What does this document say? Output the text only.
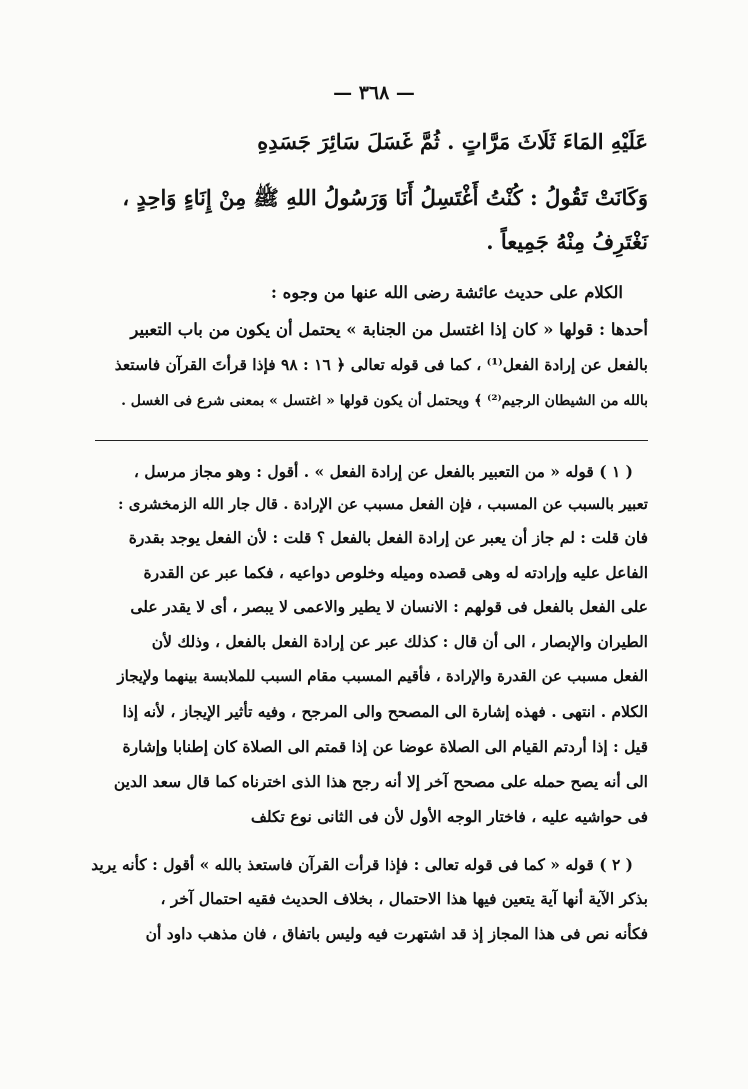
— ٣٦٨ —
عَلَيْهِ المَاءَ ثَلَاثَ مَرَّاتٍ . ثُمَّ غَسَلَ سَائِرَ جَسَدِهِ
وَكَانَتْ تَقُولُ : كُنْتُ أَغْتَسِلُ أَنَا وَرَسُولُ اللهِ ﷺ مِنْ إِنَاءٍ وَاحِدٍ ،
نَغْتَرِفُ مِنْهُ جَمِيعاً .
الكلام على حديث عائشة رضى الله عنها من وجوه :
أحدها : قولها « كان إذا اغتسل من الجنابة » يحتمل أن يكون من باب التعبير
بالفعل عن إرادة الفعل⁽¹⁾ ، كما فى قوله تعالى ﴿ ١٦ : ٩٨ فإذا قرأتَ القرآن فاستعذ
بالله من الشيطان الرجيم⁽²⁾ ﴾ ويحتمل أن يكون قولها « اغتسل » بمعنى شرع فى الغسل .
( ١ ) قوله « من التعبير بالفعل عن إرادة الفعل » . أقول : وهو مجاز مرسل ،
تعبير بالسبب عن المسبب ، فإن الفعل مسبب عن الإرادة . قال جار الله الزمخشرى :
فان قلت : لم جاز أن يعبر عن إرادة الفعل بالفعل ؟ قلت : لأن الفعل يوجد بقدرة
الفاعل عليه وإرادته له وهى قصده وميله وخلوص دواعيه ، فكما عبر عن القدرة
على الفعل بالفعل فى قولهم : الانسان لا يطير والاعمى لا يبصر ، أى لا يقدر على
الطيران والإبصار ، الى أن قال : كذلك عبر عن إرادة الفعل بالفعل ، وذلك لأن
الفعل مسبب عن القدرة والإرادة ، فأقيم المسبب مقام السبب للملابسة بينهما ولإيجاز
الكلام . انتهى . فهذه إشارة الى المصحح والى المرجح ، وفيه تأثير الإيجاز ، لأنه إذا
قيل : إذا أردتم القيام الى الصلاة عوضا عن إذا قمتم الى الصلاة كان إطنابا وإشارة
الى أنه يصح حمله على مصحح آخر إلا أنه رجح هذا الذى اخترناه كما قال سعد الدين
فى حواشيه عليه ، فاختار الوجه الأول لأن فى الثانى نوع تكلف
( ٢ ) قوله « كما فى قوله تعالى : فإذا قرأت القرآن فاستعذ بالله » أقول : كأنه يريد
بذكر الآية أنها آية يتعين فيها هذا الاحتمال ، بخلاف الحديث فقيه احتمال آخر ،
فكأنه نص فى هذا المجاز إذ قد اشتهرت فيه وليس باتفاق ، فان مذهب داود أن
